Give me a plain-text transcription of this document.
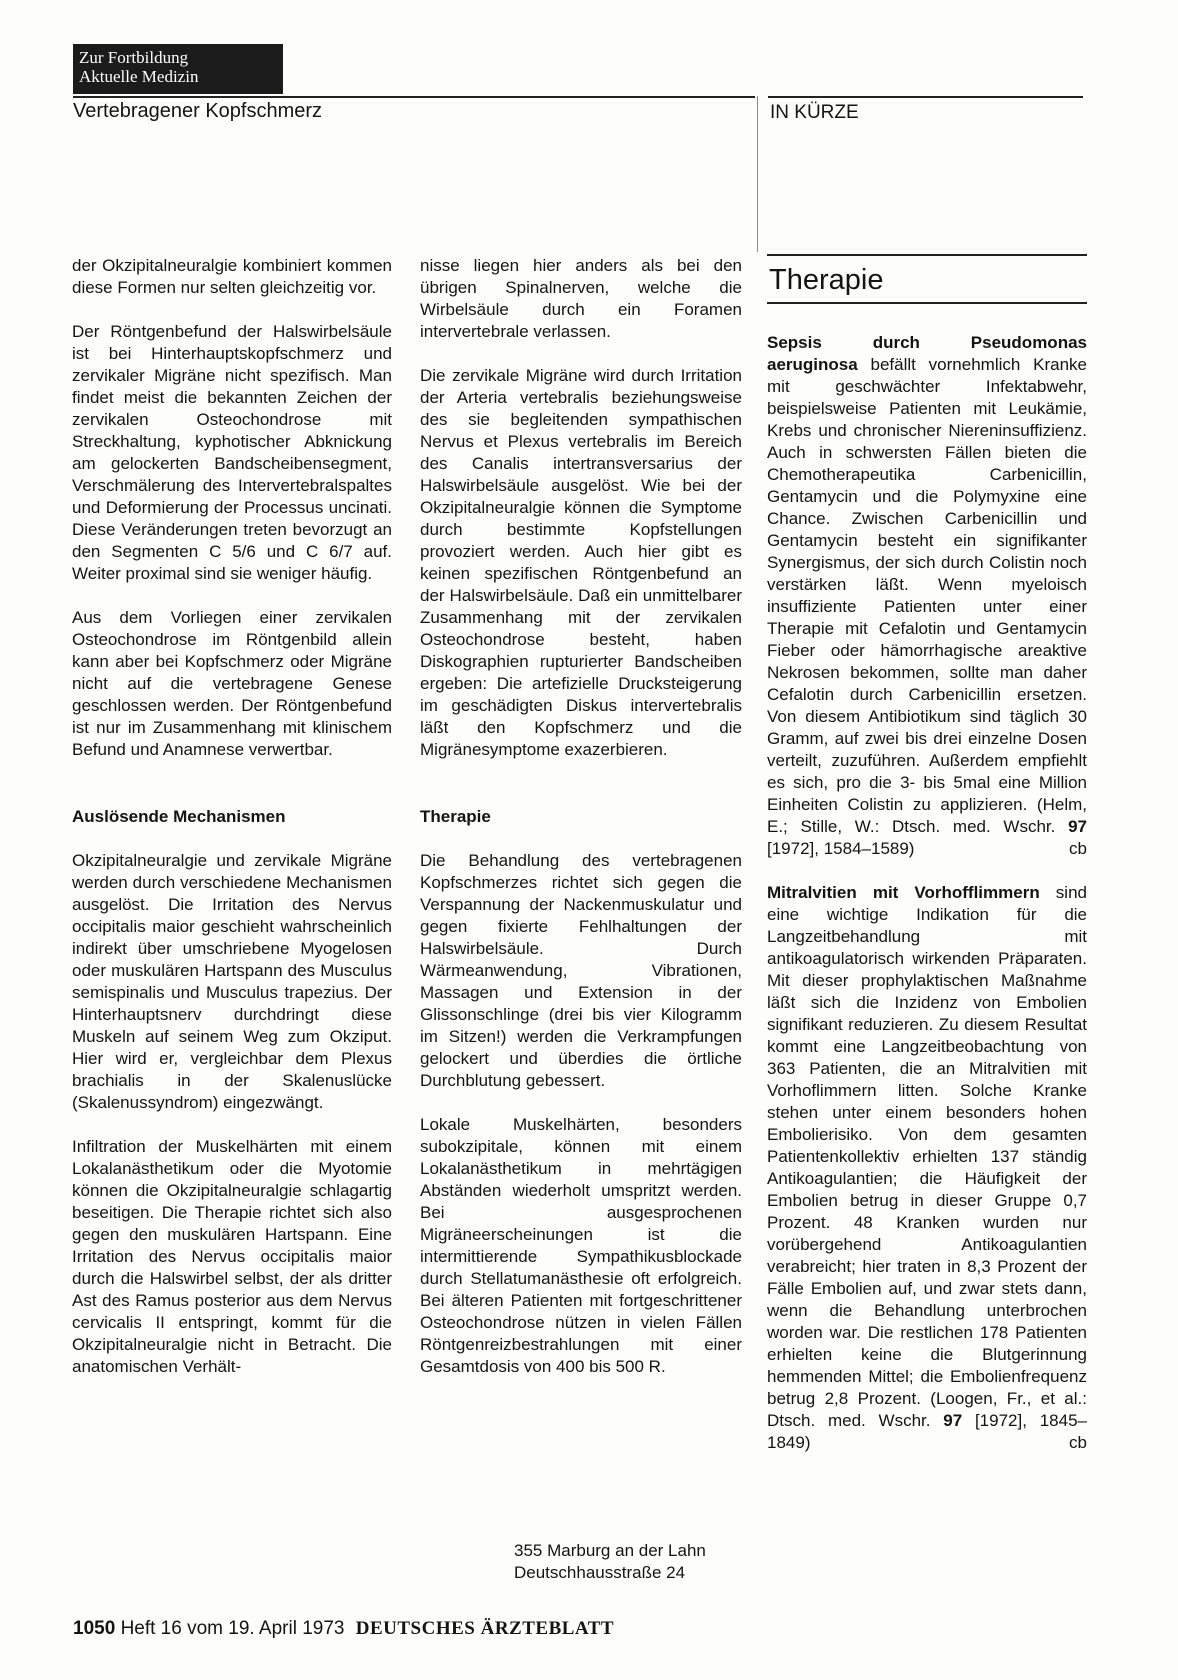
Zur Fortbildung
Aktuelle Medizin
Vertebragener Kopfschmerz	IN KÜRZE

der Okzipitalneuralgie kombiniert kommen diese Formen nur selten gleichzeitig vor.

Der Röntgenbefund der Halswirbelsäule ist bei Hinterhauptskopfschmerz und zervikaler Migräne nicht spezifisch. Man findet meist die bekannten Zeichen der zervikalen Osteochondrose mit Streckhaltung, kyphotischer Abknickung am gelockerten Bandscheibensegment, Verschmälerung des Intervertebralspaltes und Deformierung der Processus uncinati. Diese Veränderungen treten bevorzugt an den Segmenten C 5/6 und C 6/7 auf. Weiter proximal sind sie weniger häufig.

Aus dem Vorliegen einer zervikalen Osteochondrose im Röntgenbild allein kann aber bei Kopfschmerz oder Migräne nicht auf die vertebragene Genese geschlossen werden. Der Röntgenbefund ist nur im Zusammenhang mit klinischem Befund und Anamnese verwertbar.

Auslösende Mechanismen

Okzipitalneuralgie und zervikale Migräne werden durch verschiedene Mechanismen ausgelöst. Die Irritation des Nervus occipitalis maior geschieht wahrscheinlich indirekt über umschriebene Myogelosen oder muskulären Hartspann des Musculus semispinalis und Musculus trapezius. Der Hinterhauptsnerv durchdringt diese Muskeln auf seinem Weg zum Okziput. Hier wird er, vergleichbar dem Plexus brachialis in der Skalenuslücke (Skalenussyndrom) eingezwängt.

Infiltration der Muskelhärten mit einem Lokalanästhetikum oder die Myotomie können die Okzipitalneuralgie schlagartig beseitigen. Die Therapie richtet sich also gegen den muskulären Hartspann. Eine Irritation des Nervus occipitalis maior durch die Halswirbel selbst, der als dritter Ast des Ramus posterior aus dem Nervus cervicalis II entspringt, kommt für die Okzipitalneuralgie nicht in Betracht. Die anatomischen Verhält-

nisse liegen hier anders als bei den übrigen Spinalnerven, welche die Wirbelsäule durch ein Foramen intervertebrale verlassen.

Die zervikale Migräne wird durch Irritation der Arteria vertebralis beziehungsweise des sie begleitenden sympathischen Nervus et Plexus vertebralis im Bereich des Canalis intertransversarius der Halswirbelsäule ausgelöst. Wie bei der Okzipitalneuralgie können die Symptome durch bestimmte Kopfstellungen provoziert werden. Auch hier gibt es keinen spezifischen Röntgenbefund an der Halswirbelsäule. Daß ein unmittelbarer Zusammenhang mit der zervikalen Osteochondrose besteht, haben Diskographien rupturierter Bandscheiben ergeben: Die artefizielle Drucksteigerung im geschädigten Diskus intervertebralis läßt den Kopfschmerz und die Migränesymptome exazerbieren.

Therapie

Die Behandlung des vertebragenen Kopfschmerzes richtet sich gegen die Verspannung der Nackenmuskulatur und gegen fixierte Fehlhaltungen der Halswirbelsäule. Durch Wärmeanwendung, Vibrationen, Massagen und Extension in der Glissonschlinge (drei bis vier Kilogramm im Sitzen!) werden die Verkrampfungen gelockert und überdies die örtliche Durchblutung gebessert.

Lokale Muskelhärten, besonders subokzipitale, können mit einem Lokalanästhetikum in mehrtägigen Abständen wiederholt umspritzt werden. Bei ausgesprochenen Migräneerscheinungen ist die intermittierende Sympathikusblockade durch Stellatumanästhesie oft erfolgreich. Bei älteren Patienten mit fortgeschrittener Osteochondrose nützen in vielen Fällen Röntgenreizbestrahlungen mit einer Gesamtdosis von 400 bis 500 R.

355 Marburg an der Lahn
Deutschhausstraße 24
Therapie

Sepsis durch Pseudomonas aeruginosa befällt vornehmlich Kranke mit geschwächter Infektabwehr, beispielsweise Patienten mit Leukämie, Krebs und chronischer Niereninsuffizienz. Auch in schwersten Fällen bieten die Chemotherapeutika Carbenicillin, Gentamycin und die Polymyxine eine Chance. Zwischen Carbenicillin und Gentamycin besteht ein signifikanter Synergismus, der sich durch Colistin noch verstärken läßt. Wenn myeloisch insuffiziente Patienten unter einer Therapie mit Cefalotin und Gentamycin Fieber oder hämorrhagische areaktive Nekrosen bekommen, sollte man daher Cefalotin durch Carbenicillin ersetzen. Von diesem Antibiotikum sind täglich 30 Gramm, auf zwei bis drei einzelne Dosen verteilt, zuzuführen. Außerdem empfiehlt es sich, pro die 3- bis 5mal eine Million Einheiten Colistin zu applizieren. (Helm, E.; Stille, W.: Dtsch. med. Wschr. 97 [1972], 1584–1589)	cb

Mitralvitien mit Vorhofflimmern sind eine wichtige Indikation für die Langzeitbehandlung mit antikoagulatorisch wirkenden Präparaten. Mit dieser prophylaktischen Maßnahme läßt sich die Inzidenz von Embolien signifikant reduzieren. Zu diesem Resultat kommt eine Langzeitbeobachtung von 363 Patienten, die an Mitralvitien mit Vorhoflimmern litten. Solche Kranke stehen unter einem besonders hohen Embolierisiko. Von dem gesamten Patientenkollektiv erhielten 137 ständig Antikoagulantien; die Häufigkeit der Embolien betrug in dieser Gruppe 0,7 Prozent. 48 Kranken wurden nur vorübergehend Antikoagulantien verabreicht; hier traten in 8,3 Prozent der Fälle Embolien auf, und zwar stets dann, wenn die Behandlung unterbrochen worden war. Die restlichen 178 Patienten erhielten keine die Blutgerinnung hemmenden Mittel; die Embolienfrequenz betrug 2,8 Prozent. (Loogen, Fr., et al.: Dtsch. med. Wschr. 97 [1972], 1845–1849)	cb

1050 Heft 16 vom 19. April 1973 DEUTSCHES ÄRZTEBLATT
